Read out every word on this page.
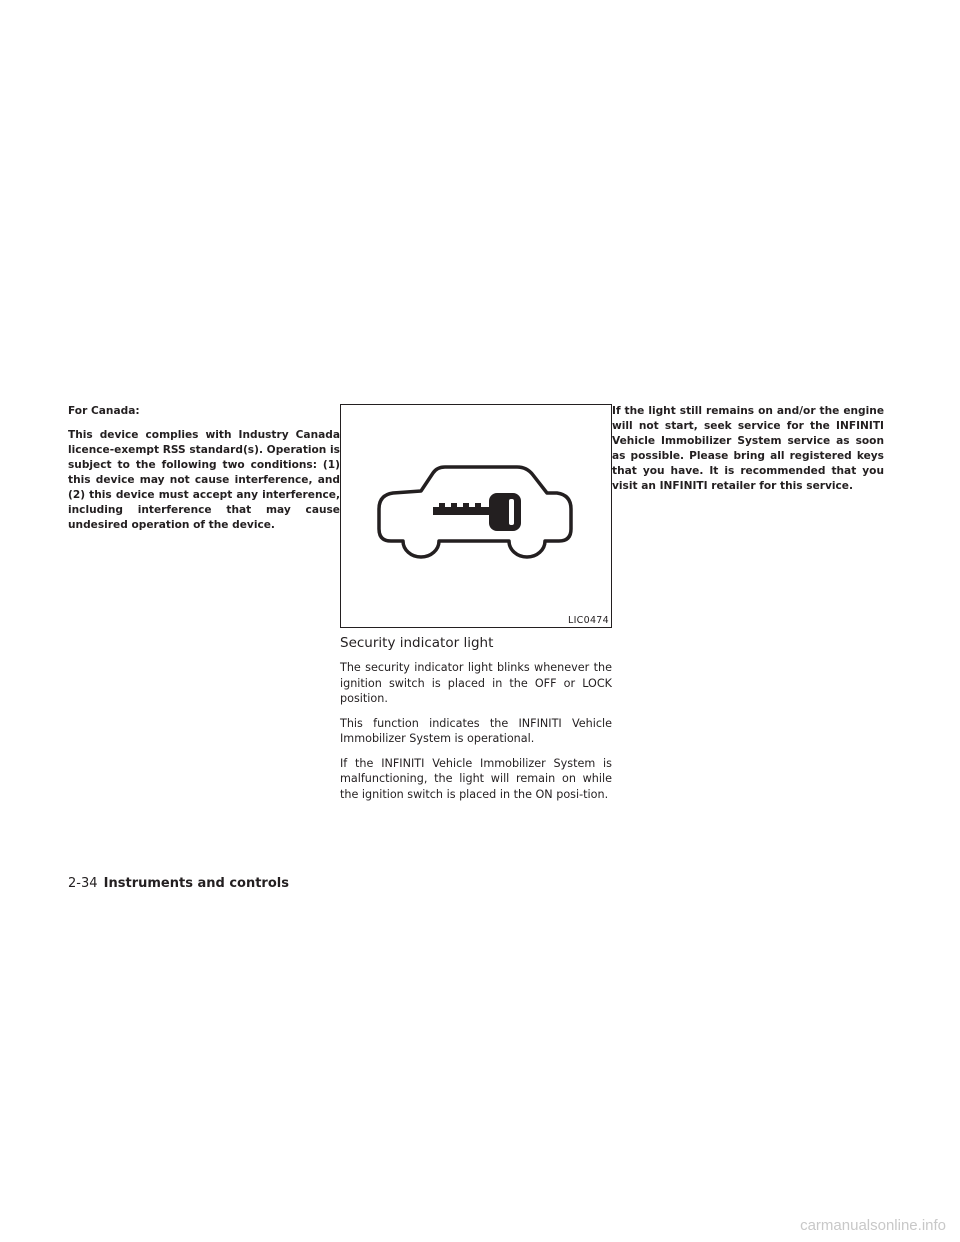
For Canada:

This device complies with Industry Canada licence-exempt RSS standard(s). Operation is subject to the following two conditions: (1) this device may not cause interference, and (2) this device must accept any interference, including interference that may cause undesired operation of the device.

LIC0474
Security indicator light

The security indicator light blinks whenever the ignition switch is placed in the OFF or LOCK position.

This function indicates the INFINITI Vehicle Immobilizer System is operational.

If the INFINITI Vehicle Immobilizer System is malfunctioning, the light will remain on while the ignition switch is placed in the ON posi-tion.

If the light still remains on and/or the engine will not start, seek service for the INFINITI Vehicle Immobilizer System service as soon as possible. Please bring all registered keys that you have. It is recommended that you visit an INFINITI retailer for this service.

2-34 Instruments and controls
carmanualsonline.info
